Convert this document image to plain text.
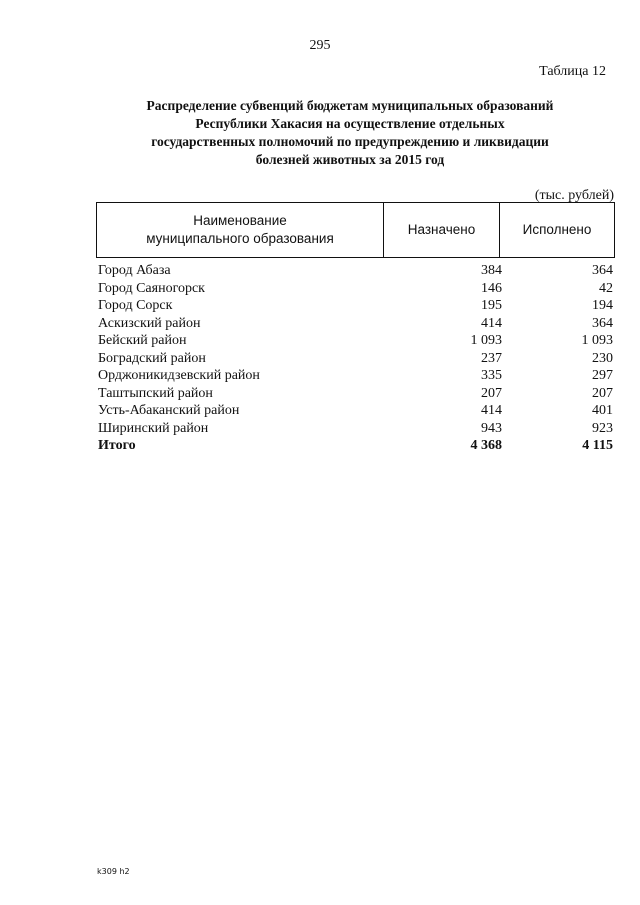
295
Таблица 12
Распределение субвенций бюджетам муниципальных образований
Республики Хакасия на осуществление отдельных
государственных полномочий по предупреждению и ликвидации
болезней животных за 2015 год
(тыс. рублей)
Наименование
муниципального образования
Назначено	Исполнено
Город Абаза	384	364
Город Саяногорск	146	42
Город Сорск	195	194
Аскизский район	414	364
Бейский район	1 093	1 093
Боградский район	237	230
Орджоникидзевский район	335	297
Таштыпский район	207	207
Усть-Абаканский район	414	401
Ширинский район	943	923
Итого	4 368	4 115
k309 h2
